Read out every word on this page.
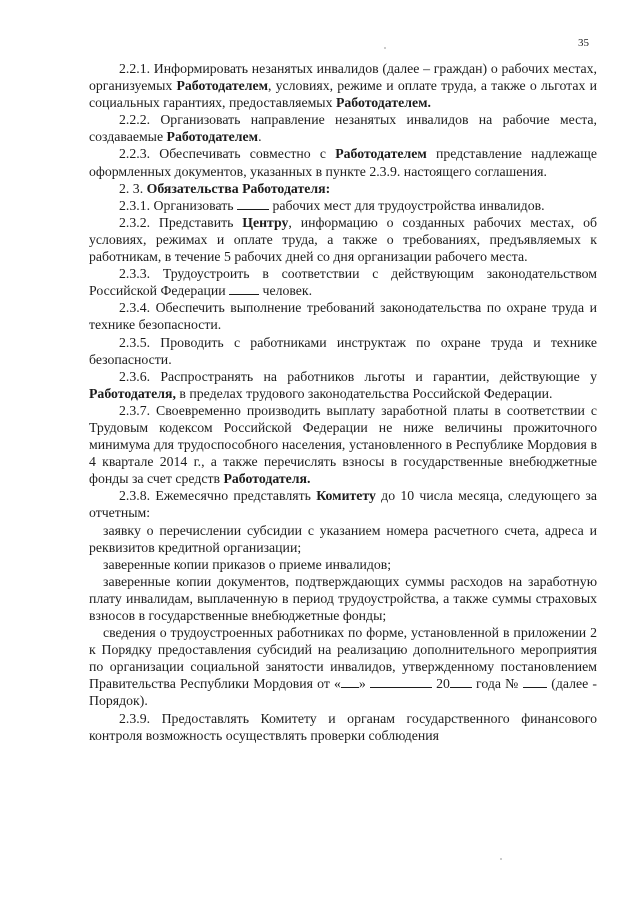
35

2.2.1. Информировать незанятых инвалидов (далее – граждан) о рабочих местах, организуемых Работодателем, условиях, режиме и оплате труда, а также о льготах и социальных гарантиях, предоставляемых Работодателем.

2.2.2. Организовать направление незанятых инвалидов на рабочие места, создаваемые Работодателем.

2.2.3. Обеспечивать совместно с Работодателем представление надлежаще оформленных документов, указанных в пункте 2.3.9. настоящего соглашения.

2. 3. Обязательства Работодателя:

2.3.1. Организовать	рабочих мест для трудоустройства инвалидов.

2.3.2. Представить Центру, информацию о созданных рабочих местах, об условиях, режимах и оплате труда, а также о требованиях, предъявляемых к работникам, в течение 5 рабочих дней со дня организации рабочего места.

2.3.3. Трудоустроить в соответствии с действующим законодательством Российской Федерации	человек.

2.3.4. Обеспечить выполнение требований законодательства по охране труда и технике безопасности.

2.3.5. Проводить с работниками инструктаж по охране труда и технике безопасности.

2.3.6. Распространять на работников льготы и гарантии, действующие у Работодателя, в пределах трудового законодательства Российской Федерации.

2.3.7. Своевременно производить выплату заработной платы в соответствии с Трудовым кодексом Российской Федерации не ниже величины прожиточного минимума для трудоспособного населения, установленного в Республике Мордовия в 4 квартале 2014 г., а также перечислять взносы в государственные внебюджетные фонды за счет средств Работодателя.

2.3.8. Ежемесячно представлять Комитету до 10 числа месяца, следующего за отчетным:

заявку о перечислении субсидии с указанием номера расчетного счета, адреса и реквизитов кредитной организации;

заверенные копии приказов о приеме инвалидов;

заверенные копии документов, подтверждающих суммы расходов на заработную плату инвалидам, выплаченную в период трудоустройства, а также суммы страховых взносов в государственные внебюджетные фонды;

сведения о трудоустроенных работниках по форме, установленной в приложении 2 к Порядку предоставления субсидий на реализацию дополнительного мероприятия по организации социальной занятости инвалидов, утвержденному постановлением Правительства Республики Мордовия от « »	20 года № (далее - Порядок).

2.3.9. Предоставлять Комитету и органам государственного финансового контроля возможность осуществлять проверки соблюдения
